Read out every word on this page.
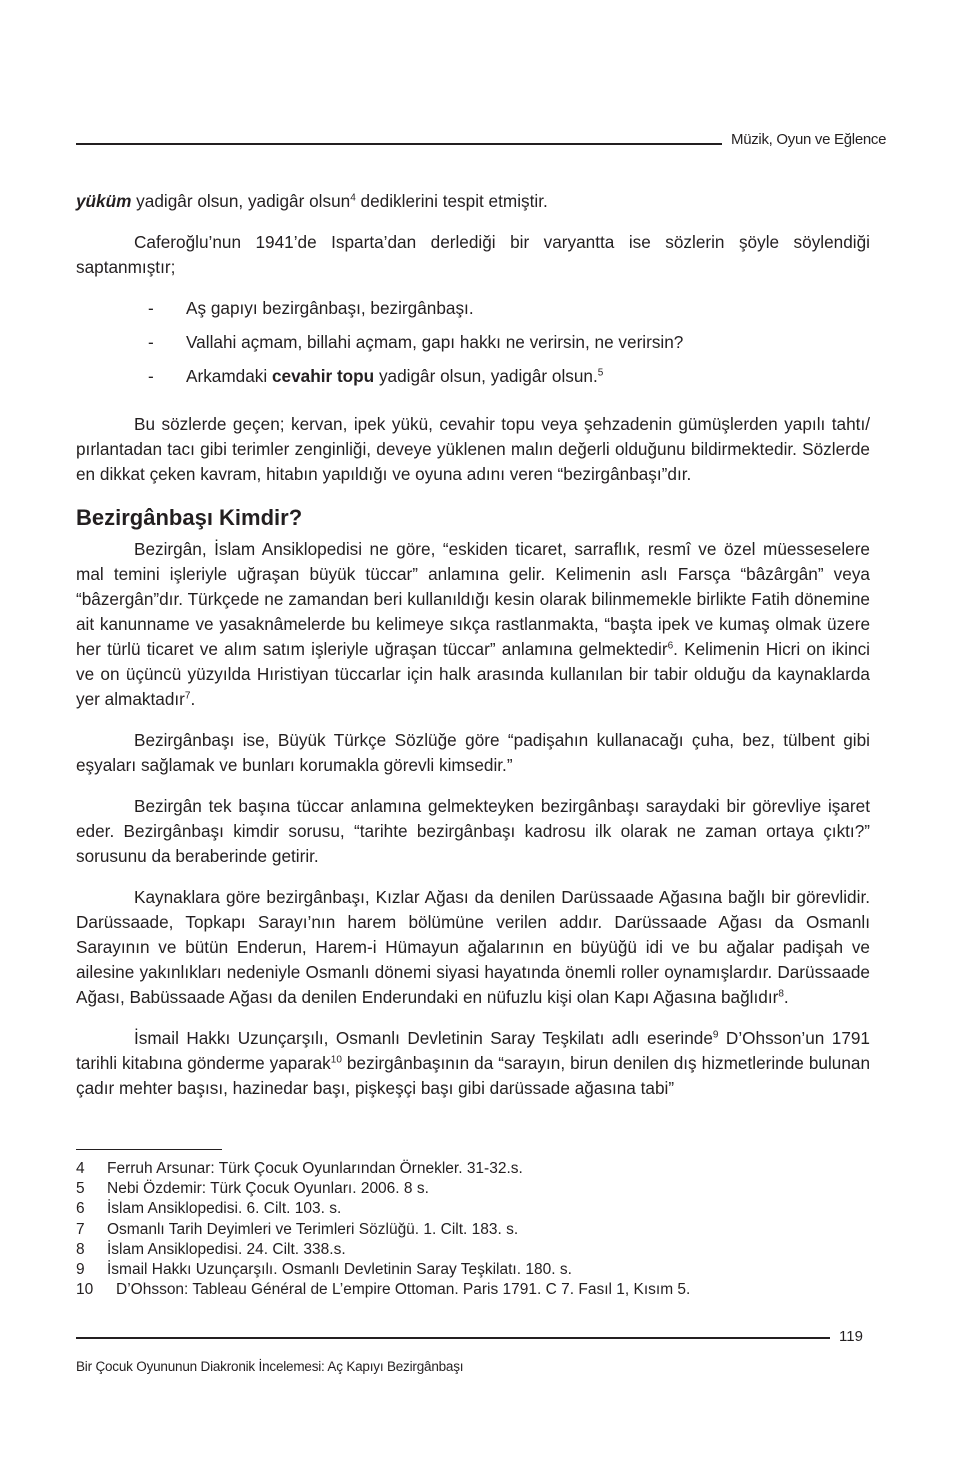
Müzik, Oyun ve Eğlence

yüküm yadigâr olsun, yadigâr olsun$^4$ dediklerini tespit etmiştir.

Caferoğlu’nun 1941’de Isparta’dan derlediği bir varyantta ise sözlerin şöyle söylendiği saptanmıştır;

- Aş gapıyı bezirgânbaşı, bezirgânbaşı.
- Vallahi açmam, billahi açmam, gapı hakkı ne verirsin, ne verirsin?
- Arkamdaki cevahir topu yadigâr olsun, yadigâr olsun.$^5$

Bu sözlerde geçen; kervan, ipek yükü, cevahir topu veya şehzadenin gümüşlerden yapılı tahtı/ pırlantadan tacı gibi terimler zenginliği, deveye yüklenen malın değerli olduğunu bildirmektedir. Sözlerde en dikkat çeken kavram, hitabın yapıldığı ve oyuna adını veren “bezirgânbaşı”dır.

Bezirgânbaşı Kimdir?

Bezirgân, İslam Ansiklopedisi ne göre, “eskiden ticaret, sarraflık, resmî ve özel müesseselere mal temini işleriyle uğraşan büyük tüccar” anlamına gelir. Kelimenin aslı Farsça “bâzârgân” veya “bâzergân”dır. Türkçede ne zamandan beri kullanıldığı kesin olarak bilinmemekle birlikte Fatih dönemine ait kanunname ve yasaknâmelerde bu kelimeye sıkça rastlanmakta, “başta ipek ve kumaş olmak üzere her türlü ticaret ve alım satım işleriyle uğraşan tüccar” anlamına gelmektedir$^6$. Kelimenin Hicri on ikinci ve on üçüncü yüzyılda Hıristiyan tüccarlar için halk arasında kullanılan bir tabir olduğu da kaynaklarda yer almaktadır$^7$.

Bezirgânbaşı ise, Büyük Türkçe Sözlüğe göre “padişahın kullanacağı çuha, bez, tülbent gibi eşyaları sağlamak ve bunları korumakla görevli kimsedir.”

Bezirgân tek başına tüccar anlamına gelmekteyken bezirgânbaşı saraydaki bir görevliye işaret eder. Bezirgânbaşı kimdir sorusu, “tarihte bezirgânbaşı kadrosu ilk olarak ne zaman ortaya çıktı?” sorusunu da beraberinde getirir.

Kaynaklara göre bezirgânbaşı, Kızlar Ağası da denilen Darüssaade Ağasına bağlı bir görevlidir. Darüssaade, Topkapı Sarayı’nın harem bölümüne verilen addır. Darüssaade Ağası da Osmanlı Sarayının ve bütün Enderun, Harem-i Hümayun ağalarının en büyüğü idi ve bu ağalar padişah ve ailesine yakınlıkları nedeniyle Osmanlı dönemi siyasi hayatında önemli roller oynamışlardır. Darüssaade Ağası, Babüssaade Ağası da denilen Enderundaki en nüfuzlu kişi olan Kapı Ağasına bağlıdır$^8$.

İsmail Hakkı Uzunçarşılı, Osmanlı Devletinin Saray Teşkilatı adlı eserinde$^9$ D’Ohsson’un 1791 tarihli kitabına gönderme yaparak$^{10}$ bezirgânbaşının da “sarayın, birun denilen dış hizmetlerinde bulunan çadır mehter başısı, hazinedar başı, pişkeşçi başı gibi darüssade ağasına tabi”

4 Ferruh Arsunar: Türk Çocuk Oyunlarından Örnekler. 31-32.s.
5 Nebi Özdemir: Türk Çocuk Oyunları. 2006. 8 s.
6 İslam Ansiklopedisi. 6. Cilt. 103. s.
7 Osmanlı Tarih Deyimleri ve Terimleri Sözlüğü. 1. Cilt. 183. s.
8 İslam Ansiklopedisi. 24. Cilt. 338.s.
9 İsmail Hakkı Uzunçarşılı. Osmanlı Devletinin Saray Teşkilatı. 180. s.
10 D’Ohsson: Tableau Général de L’empire Ottoman. Paris 1791. C 7. Fasıl 1, Kısım 5.
119
Bir Çocuk Oyununun Diakronik İncelemesi: Aç Kapıyı Bezirgânbaşı
